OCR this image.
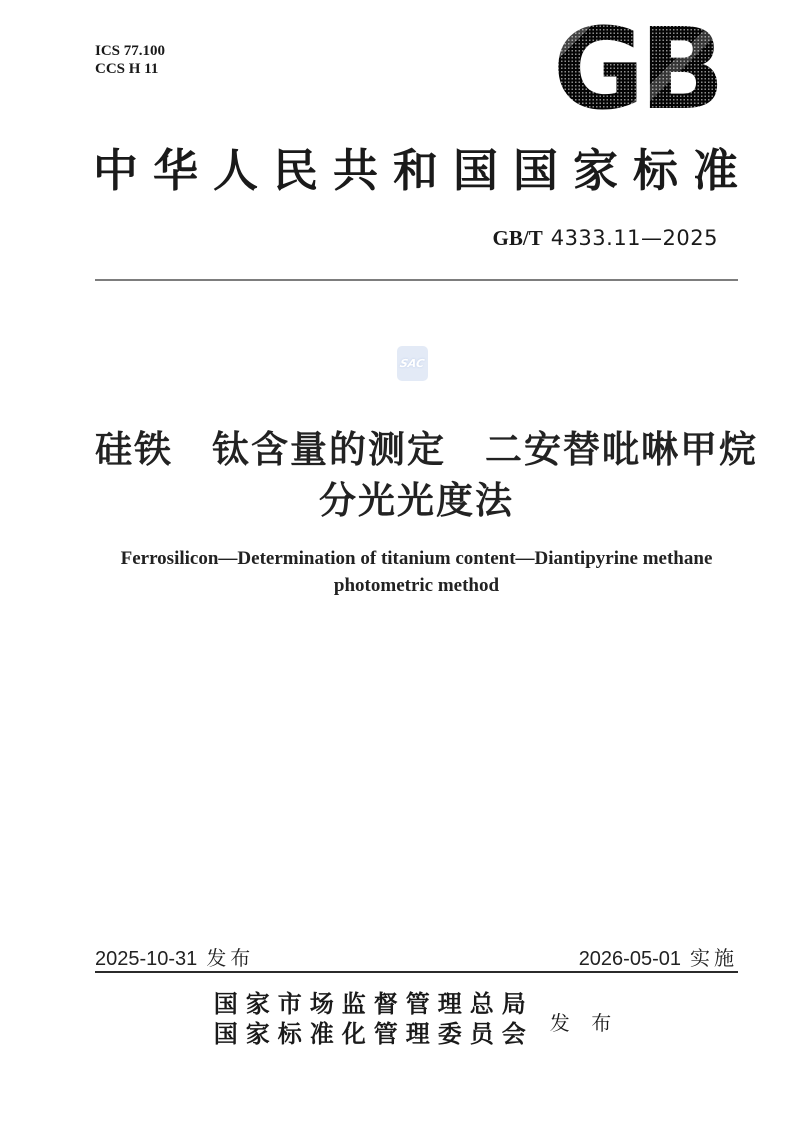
ICS 77.100
CCS H 11	GB
中华人民共和国国家标准
GB/T 4333.11—2025
SAC
硅铁　钛含量的测定　二安替吡啉甲烷
分光光度法
Ferrosilicon—Determination of titanium content—Diantipyrine methane
photometric method
2025-10-31 发布	2026-05-01 实施
国家市场监督管理总局
国家标准化管理委员会 发 布
